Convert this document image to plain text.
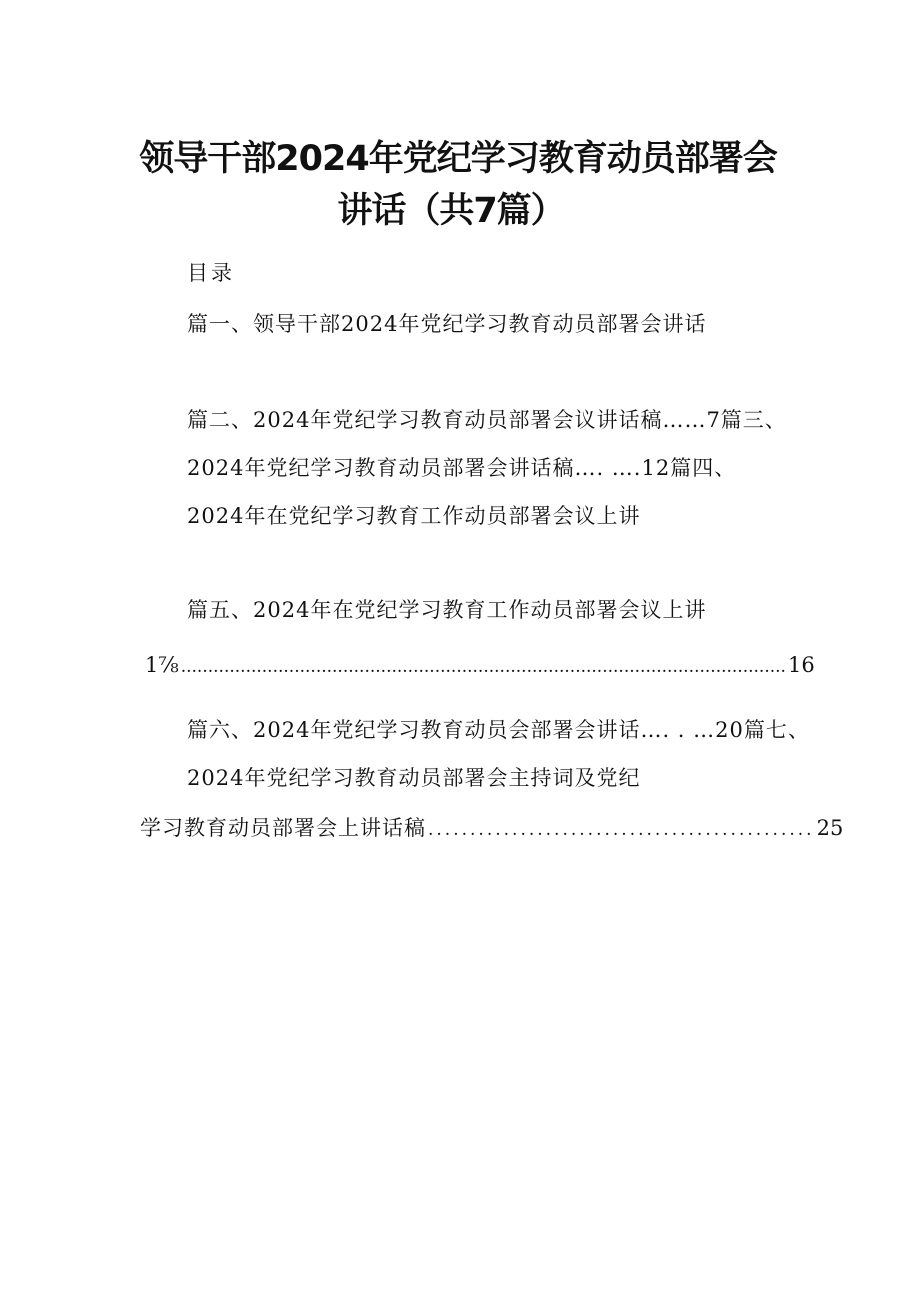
领导干部2024年党纪学习教育动员部署会
讲话（共7篇）
目录
篇一、领导干部2024年党纪学习教育动员部署会讲话
篇二、2024年党纪学习教育动员部署会议讲话稿……7篇三、
2024年党纪学习教育动员部署会讲话稿…. ….12篇四、
2024年在党纪学习教育工作动员部署会议上讲
篇五、2024年在党纪学习教育工作动员部署会议上讲
1⅞ ................................................................................................................ 16
篇六、2024年党纪学习教育动员会部署会讲话…. . …20篇七、
2024年党纪学习教育动员部署会主持词及党纪
学习教育动员部署会上讲话稿 .............................................. 25
